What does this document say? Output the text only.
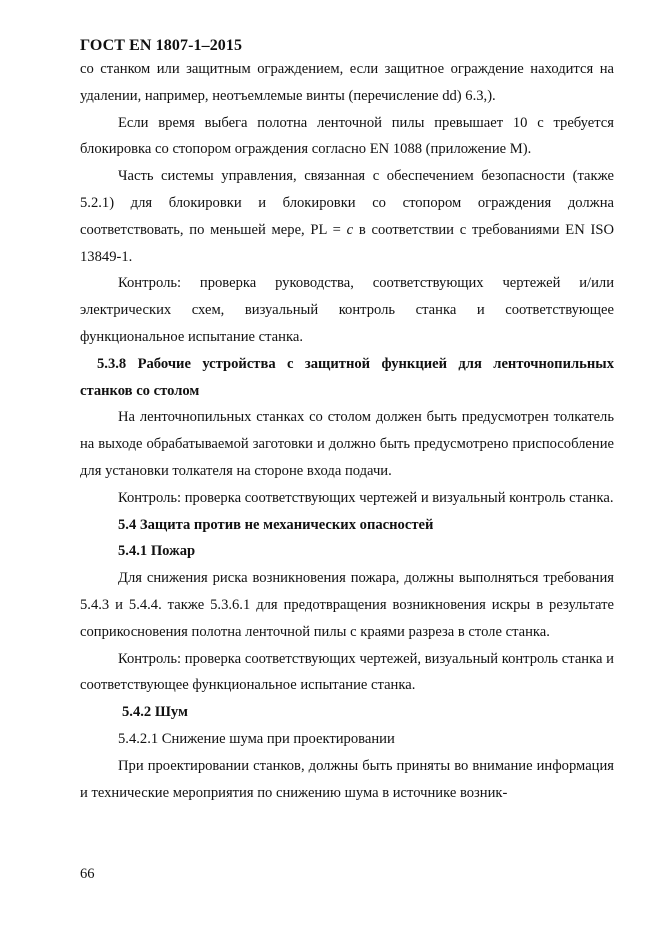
ГОСТ EN 1807-1–2015

со станком или защитным ограждением, если защитное ограждение находится на удалении, например, неотъемлемые винты (перечисление dd) 6.3,).

Если время выбега полотна ленточной пилы превышает 10 с требуется блокировка со стопором ограждения согласно EN 1088 (приложение М).

Часть системы управления, связанная с обеспечением безопасности (также 5.2.1) для блокировки и блокировки со стопором ограждения должна соответствовать, по меньшей мере, PL = c в соответствии с требованиями EN ISO 13849-1.

Контроль: проверка руководства, соответствующих чертежей и/или электрических схем, визуальный контроль станка и соответствующее функциональное испытание станка.

5.3.8 Рабочие устройства с защитной функцией для ленточнопильных станков со столом

На ленточнопильных станках со столом должен быть предусмотрен толкатель на выходе обрабатываемой заготовки и должно быть предусмотрено приспособление для установки толкателя на стороне входа подачи.

Контроль: проверка соответствующих чертежей и визуальный контроль станка.

5.4 Защита против не механических опасностей

5.4.1 Пожар

Для снижения риска возникновения пожара, должны выполняться требования 5.4.3 и 5.4.4. также 5.3.6.1 для предотвращения возникновения искры в результате соприкосновения полотна ленточной пилы с краями разреза в столе станка.

Контроль: проверка соответствующих чертежей, визуальный контроль станка и соответствующее функциональное испытание станка.

5.4.2 Шум

5.4.2.1 Снижение шума при проектировании

При проектировании станков, должны быть приняты во внимание информация и технические мероприятия по снижению шума в источнике возник-

66
